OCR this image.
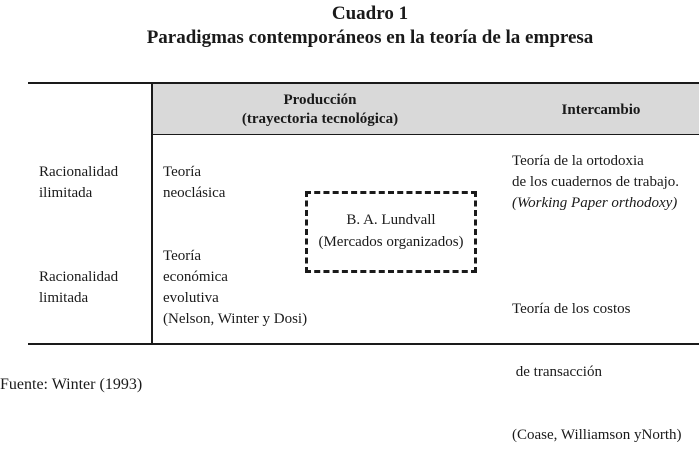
Cuadro 1
Paradigmas contemporáneos en la teoría de la empresa
Producción
(trayectoria tecnológica)
Intercambio
Racionalidad
ilimitada
Teoría
neoclásica
Teoría de la ortodoxia
de los cuadernos de trabajo.
(Working Paper orthodoxy)
B. A. Lundvall
(Mercados organizados)
Racionalidad
limitada
Teoría
económica
evolutiva
(Nelson, Winter y Dosi)

Teoría de los costos

de transacción

(Coase, Williamson yNorth)

Fuente: Winter (1993)
